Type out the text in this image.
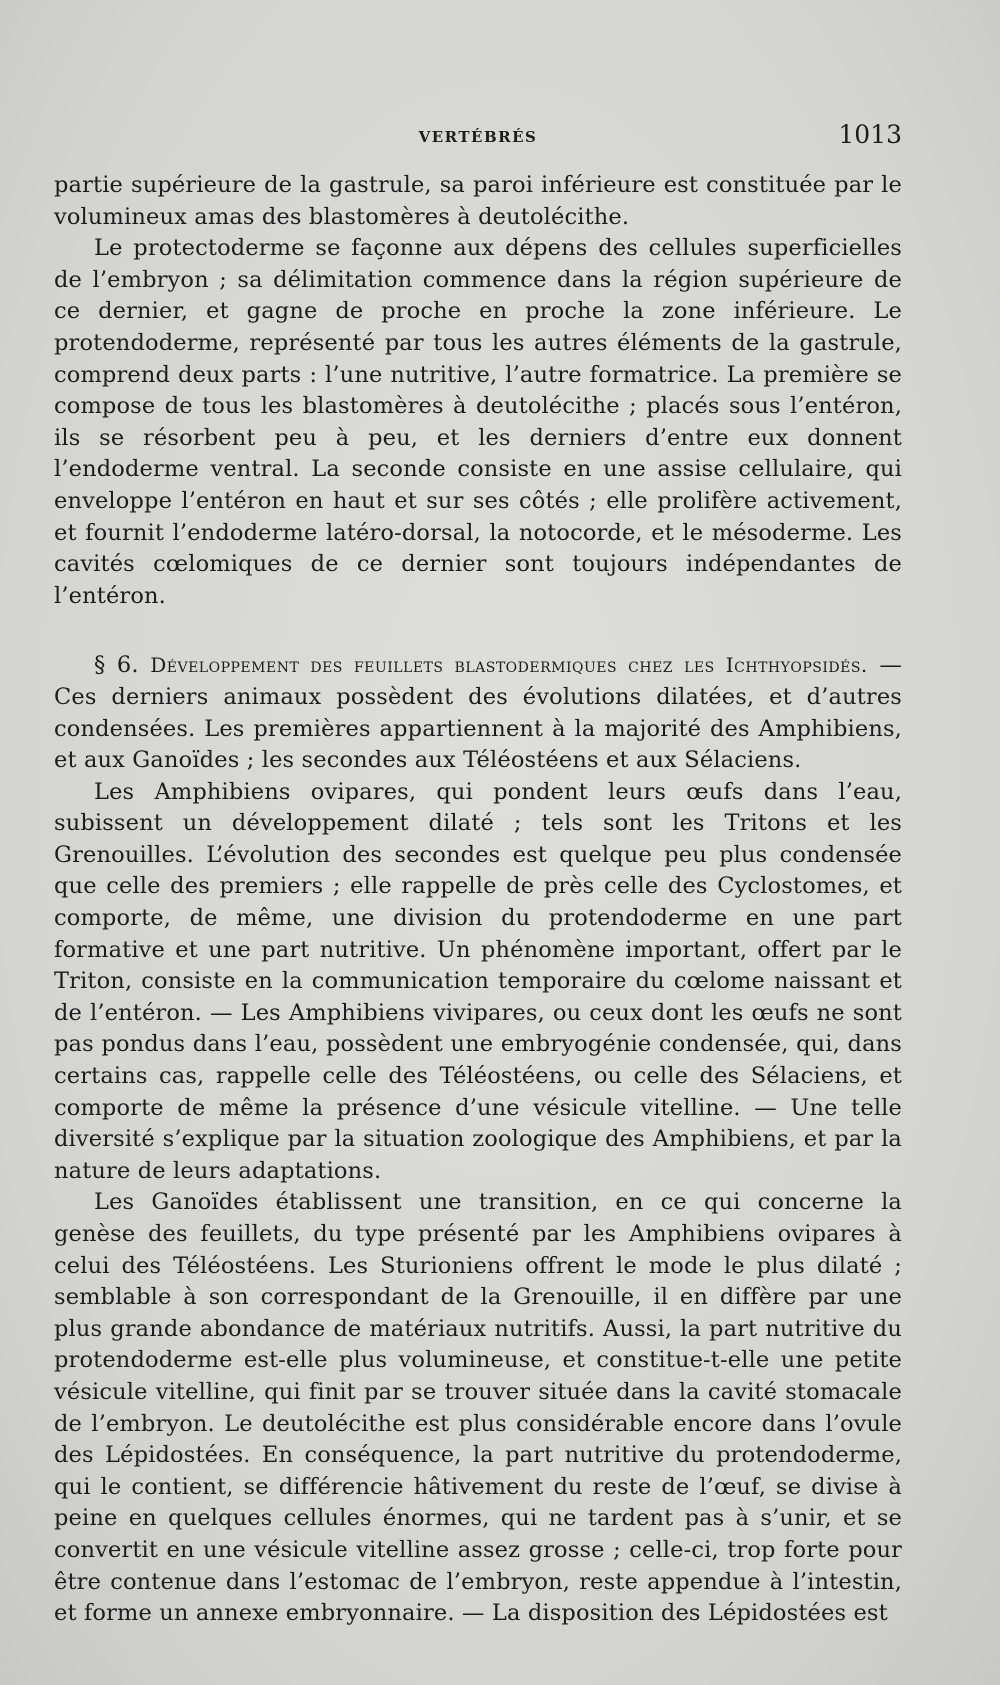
VERTÉBRÉS	1013

partie supérieure de la gastrule, sa paroi inférieure est constituée par le volumineux amas des blastomères à deutolécithe.

Le protectoderme se façonne aux dépens des cellules superficielles de l’embryon ; sa délimitation commence dans la région supérieure de ce dernier, et gagne de proche en proche la zone inférieure. Le protendoderme, représenté par tous les autres éléments de la gastrule, comprend deux parts : l’une nutritive, l’autre formatrice. La première se compose de tous les blastomères à deutolécithe ; placés sous l’entéron, ils se résorbent peu à peu, et les derniers d’entre eux donnent l’endoderme ventral. La seconde consiste en une assise cellulaire, qui enveloppe l’entéron en haut et sur ses côtés ; elle prolifère activement, et fournit l’endoderme latéro-dorsal, la notocorde, et le mésoderme. Les cavités cœlomiques de ce dernier sont toujours indépendantes de l’entéron.

§ 6. Développement des feuillets blastodermiques chez les Ichthyopsidés. — Ces derniers animaux possèdent des évolutions dilatées, et d’autres condensées. Les premières appartiennent à la majorité des Amphibiens, et aux Ganoïdes ; les secondes aux Téléostéens et aux Sélaciens.

Les Amphibiens ovipares, qui pondent leurs œufs dans l’eau, subissent un développement dilaté ; tels sont les Tritons et les Grenouilles. L’évolution des secondes est quelque peu plus condensée que celle des premiers ; elle rappelle de près celle des Cyclostomes, et comporte, de même, une division du protendoderme en une part formative et une part nutritive. Un phénomène important, offert par le Triton, consiste en la communication temporaire du cœlome naissant et de l’entéron. — Les Amphibiens vivipares, ou ceux dont les œufs ne sont pas pondus dans l’eau, possèdent une embryogénie condensée, qui, dans certains cas, rappelle celle des Téléostéens, ou celle des Sélaciens, et comporte de même la présence d’une vésicule vitelline. — Une telle diversité s’explique par la situation zoologique des Amphibiens, et par la nature de leurs adaptations.

Les Ganoïdes établissent une transition, en ce qui concerne la genèse des feuillets, du type présenté par les Amphibiens ovipares à celui des Téléostéens. Les Sturioniens offrent le mode le plus dilaté ; semblable à son correspondant de la Grenouille, il en diffère par une plus grande abondance de matériaux nutritifs. Aussi, la part nutritive du protendoderme est-elle plus volumineuse, et constitue-t-elle une petite vésicule vitelline, qui finit par se trouver située dans la cavité stomacale de l’embryon. Le deutolécithe est plus considérable encore dans l’ovule des Lépidostées. En conséquence, la part nutritive du protendoderme, qui le contient, se différencie hâtivement du reste de l’œuf, se divise à peine en quelques cellules énormes, qui ne tardent pas à s’unir, et se convertit en une vésicule vitelline assez grosse ; celle-ci, trop forte pour être contenue dans l’estomac de l’embryon, reste appendue à l’intestin, et forme un annexe embryonnaire. — La disposition des Lépidostées est
